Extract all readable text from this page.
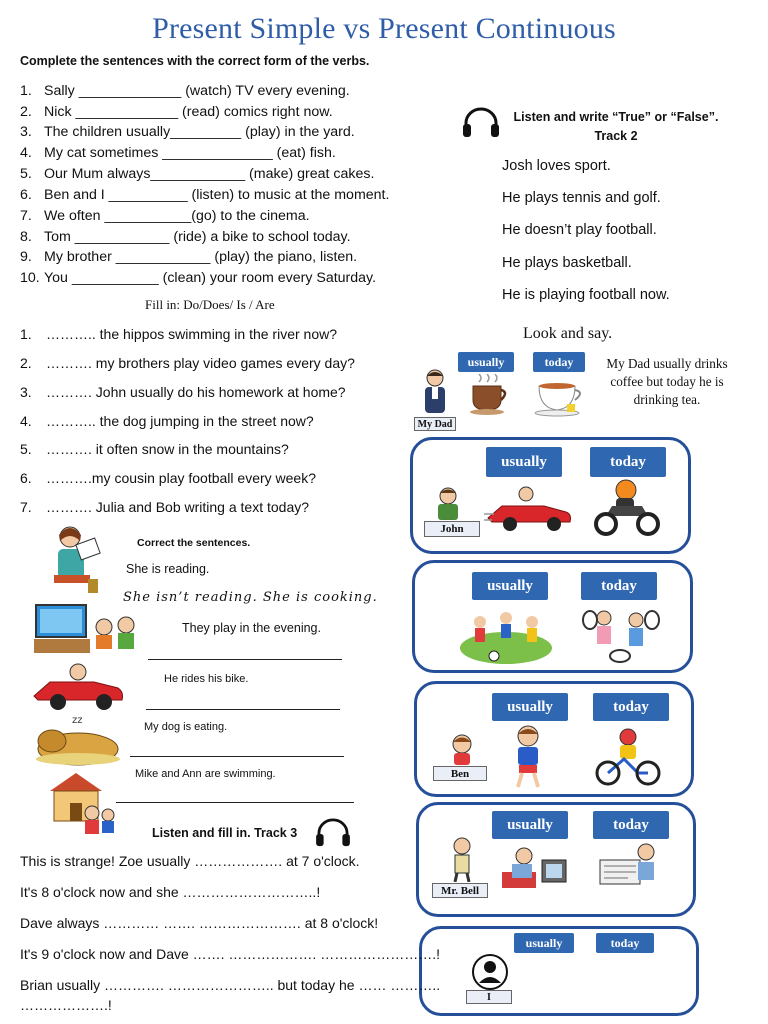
Present Simple vs Present Continuous
Complete the sentences with the correct form of the verbs.
1. Sally _____________ (watch) TV every evening.
2. Nick _____________ (read) comics right now.
3. The children usually_________ (play) in the yard.
4. My cat sometimes ______________ (eat) fish.
5. Our Mum always____________ (make) great cakes.
6. Ben and I __________ (listen) to music at the moment.
7. We often ___________(go) to the cinema.
8. Tom ____________ (ride) a bike to school today.
9. My brother ____________ (play) the piano, listen.
10. You ___________ (clean) your room every Saturday.
Fill in: Do/Does/ Is / Are
1. ……….. the hippos swimming in the river now?
2. ………. my brothers play video games every day?
3. ………. John usually do his homework at home?
4. ……….. the dog jumping in the street now?
5. ………. it often snow in the mountains?
6. ……….my cousin play football every week?
7. ………. Julia and Bob writing a text today?
Listen and write “True” or “False”.
Track 2
Josh loves sport.
He plays tennis and golf.
He doesn’t play football.
He plays basketball.
He is playing football now.
Look and say.
My Dad
usually	today	My Dad usually drinks coffee but today he is drinking tea.
usually	today
John
usually	today
usually	today
Ben
usually	today
Mr. Bell
usually	today
I
Correct the sentences.
She is reading.
She isn’t reading. She is cooking.
They play in the evening.
He rides his bike.
zz
My dog is eating.
Mike and Ann are swimming.
Listen and fill in. Track 3
This is strange! Zoe usually ………………. at 7 o'clock.
It's 8 o'clock now and she ………………………..!
Dave always ………… ……. …………………. at 8 o'clock!
It's 9 o'clock now and Dave ……. ………………. …………………….!
Brian usually …………. ………………….. but today he …… ………..
……………….!
